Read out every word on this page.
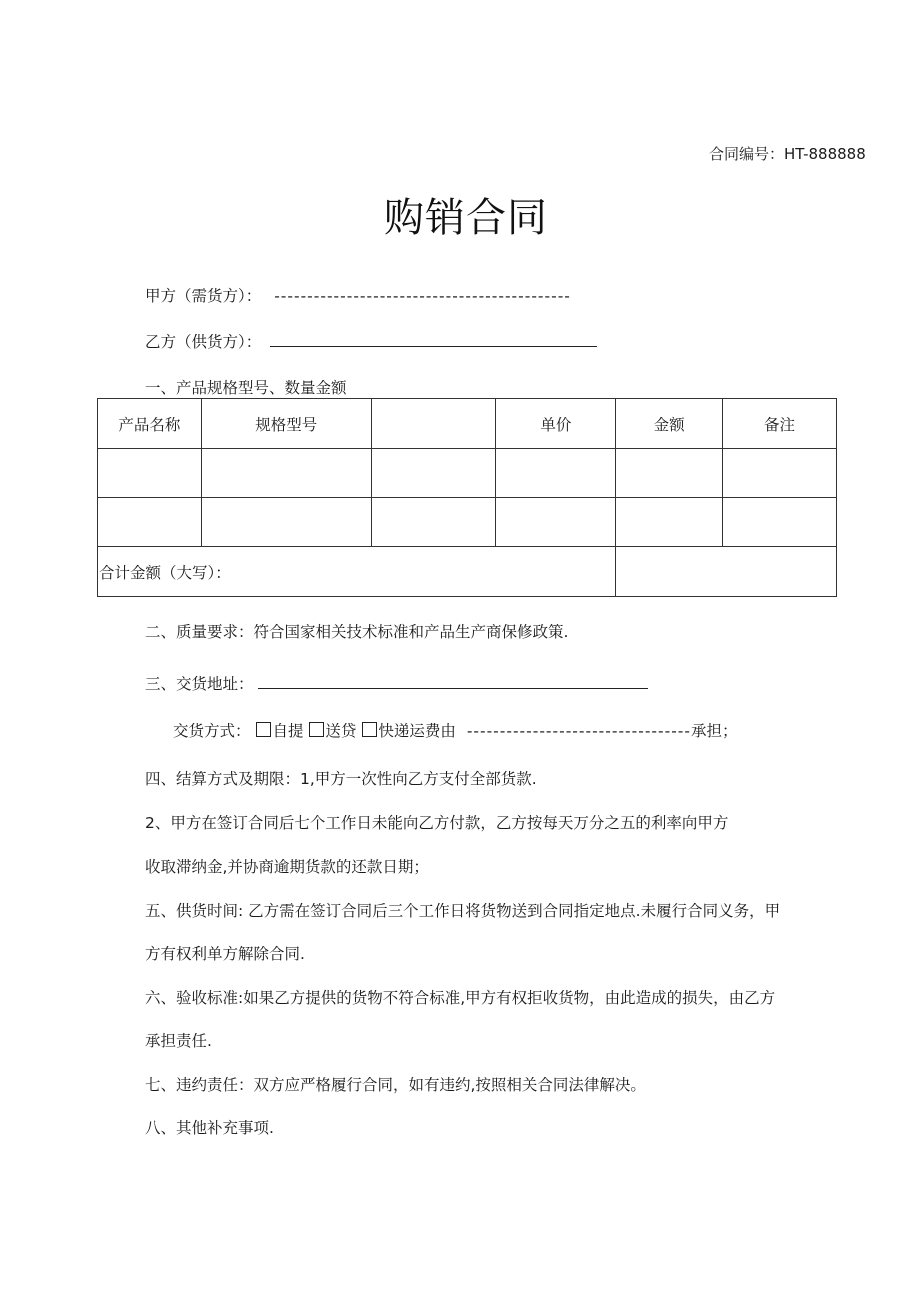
合同编号：HT-888888
购销合同
甲方（需货方）： ---------------------------------------------
乙方（供货方）：
一、产品规格型号、数量金额
产品名称	规格型号		单价	金额	备注

合计金额（大写）：					
二、质量要求：符合国家相关技术标准和产品生产商保修政策.
三、交货地址：
交货方式： 自提 送贷 快递运费由 ----------------------------------承担；
四、结算方式及期限：1,甲方一次性向乙方支付全部货款.
2、甲方在签订合同后七个工作日未能向乙方付款，乙方按每天万分之五的利率向甲方
收取滞纳金,并协商逾期货款的还款日期；
五、供货时间: 乙方需在签订合同后三个工作日将货物送到合同指定地点.未履行合同义务，甲
方有权利单方解除合同.
六、验收标准:如果乙方提供的货物不符合标准,甲方有权拒收货物，由此造成的损失，由乙方
承担责任.
七、违约责任：双方应严格履行合同，如有违约,按照相关合同法律解决。
八、其他补充事项.
